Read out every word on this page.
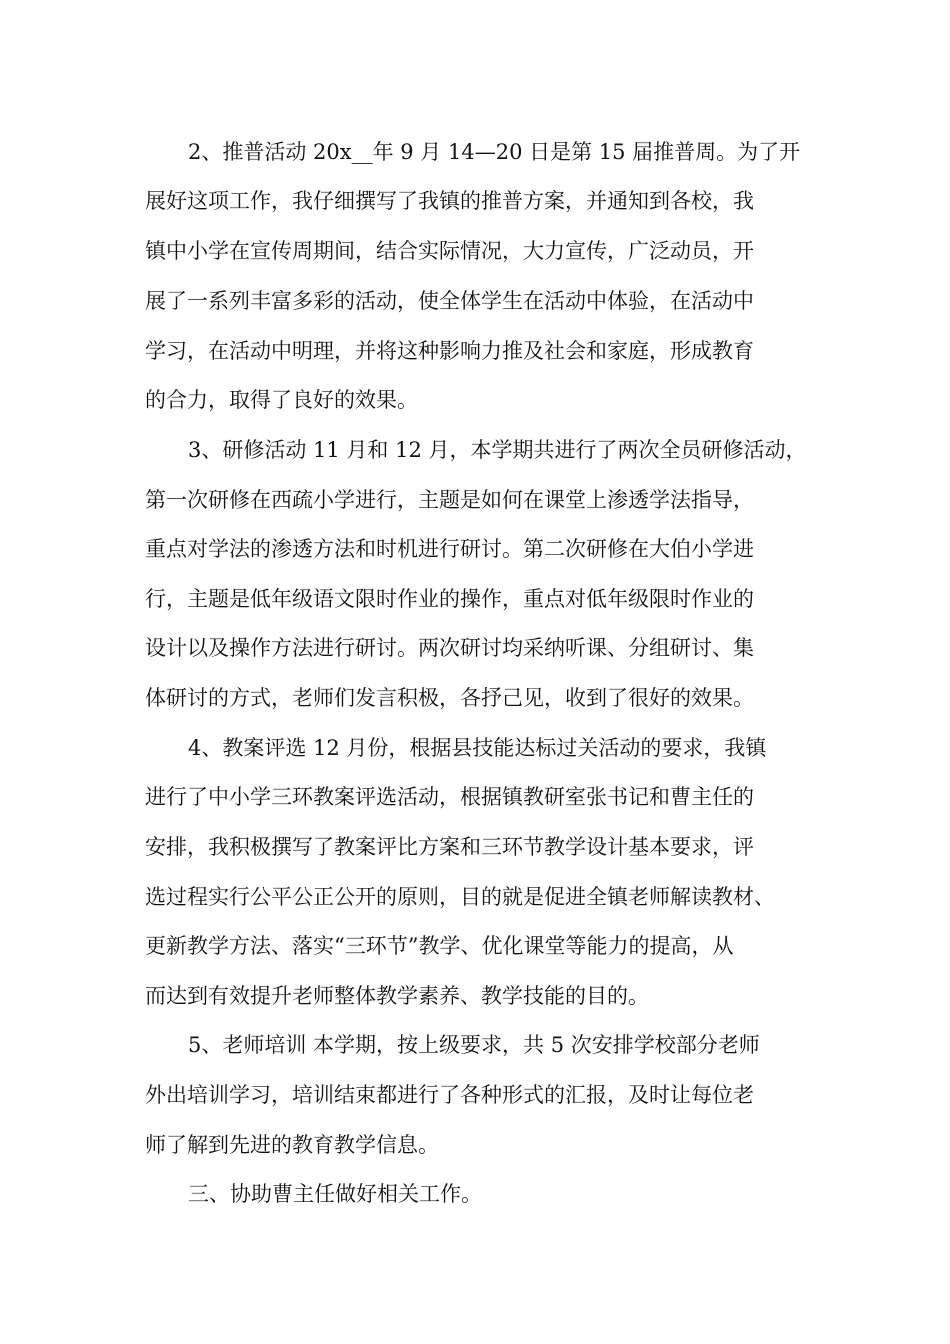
2、推普活动 20x__年 9 月 14—20 日是第 15 届推普周。为了开
展好这项工作，我仔细撰写了我镇的推普方案，并通知到各校，我
镇中小学在宣传周期间，结合实际情况，大力宣传，广泛动员，开
展了一系列丰富多彩的活动，使全体学生在活动中体验，在活动中
学习，在活动中明理，并将这种影响力推及社会和家庭，形成教育
的合力，取得了良好的效果。
3、研修活动 11 月和 12 月，本学期共进行了两次全员研修活动，
第一次研修在西疏小学进行，主题是如何在课堂上渗透学法指导，
重点对学法的渗透方法和时机进行研讨。第二次研修在大伯小学进
行，主题是低年级语文限时作业的操作，重点对低年级限时作业的
设计以及操作方法进行研讨。两次研讨均采纳听课、分组研讨、集
体研讨的方式，老师们发言积极，各抒己见，收到了很好的效果。
4、教案评选 12 月份，根据县技能达标过关活动的要求，我镇
进行了中小学三环教案评选活动，根据镇教研室张书记和曹主任的
安排，我积极撰写了教案评比方案和三环节教学设计基本要求，评
选过程实行公平公正公开的原则，目的就是促进全镇老师解读教材、
更新教学方法、落实“三环节”教学、优化课堂等能力的提高，从
而达到有效提升老师整体教学素养、教学技能的目的。
5、老师培训 本学期，按上级要求，共 5 次安排学校部分老师
外出培训学习，培训结束都进行了各种形式的汇报，及时让每位老
师了解到先进的教育教学信息。
三、协助曹主任做好相关工作。
